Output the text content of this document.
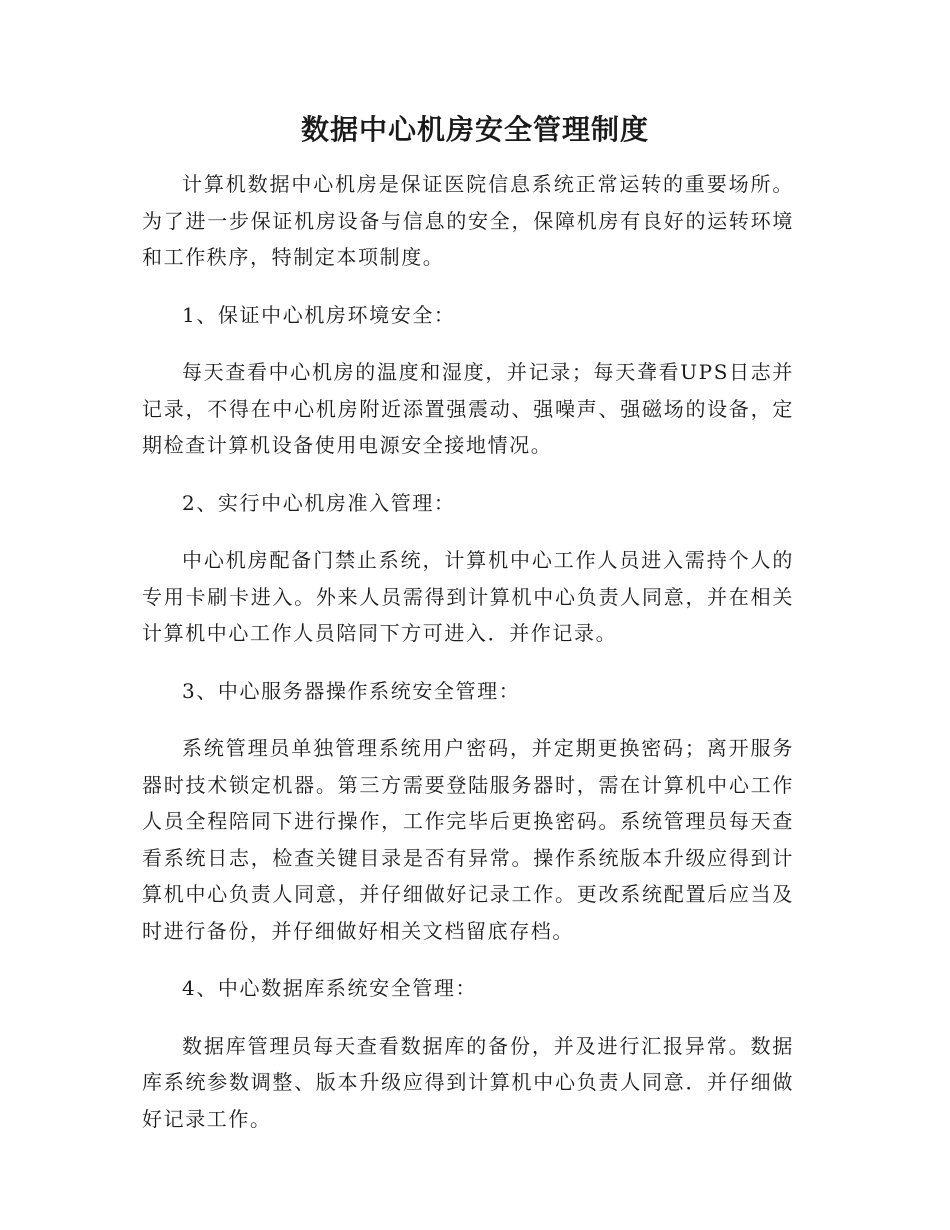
数据中心机房安全管理制度

计算机数据中心机房是保证医院信息系统正常运转的重要场所。为了进一步保证机房设备与信息的安全，保障机房有良好的运转环境和工作秩序，特制定本项制度。

1、保证中心机房环境安全：

每天查看中心机房的温度和湿度，并记录；每天聋看UPS日志并记录，不得在中心机房附近添置强震动、强噪声、强磁场的设备，定期检查计算机设备使用电源安全接地情况。

2、实行中心机房准入管理：

中心机房配备门禁止系统，计算机中心工作人员进入需持个人的专用卡刷卡进入。外来人员需得到计算机中心负责人同意，并在相关计算机中心工作人员陪同下方可进入．并作记录。

3、中心服务器操作系统安全管理：

系统管理员单独管理系统用户密码，并定期更换密码；离开服务器时技术锁定机器。第三方需要登陆服务器时，需在计算机中心工作人员全程陪同下进行操作，工作完毕后更换密码。系统管理员每天查看系统日志，检查关键目录是否有异常。操作系统版本升级应得到计算机中心负责人同意，并仔细做好记录工作。更改系统配置后应当及时进行备份，并仔细做好相关文档留底存档。

4、中心数据库系统安全管理：

数据库管理员每天查看数据库的备份，并及进行汇报异常。数据库系统参数调整、版本升级应得到计算机中心负责人同意．并仔细做好记录工作。
